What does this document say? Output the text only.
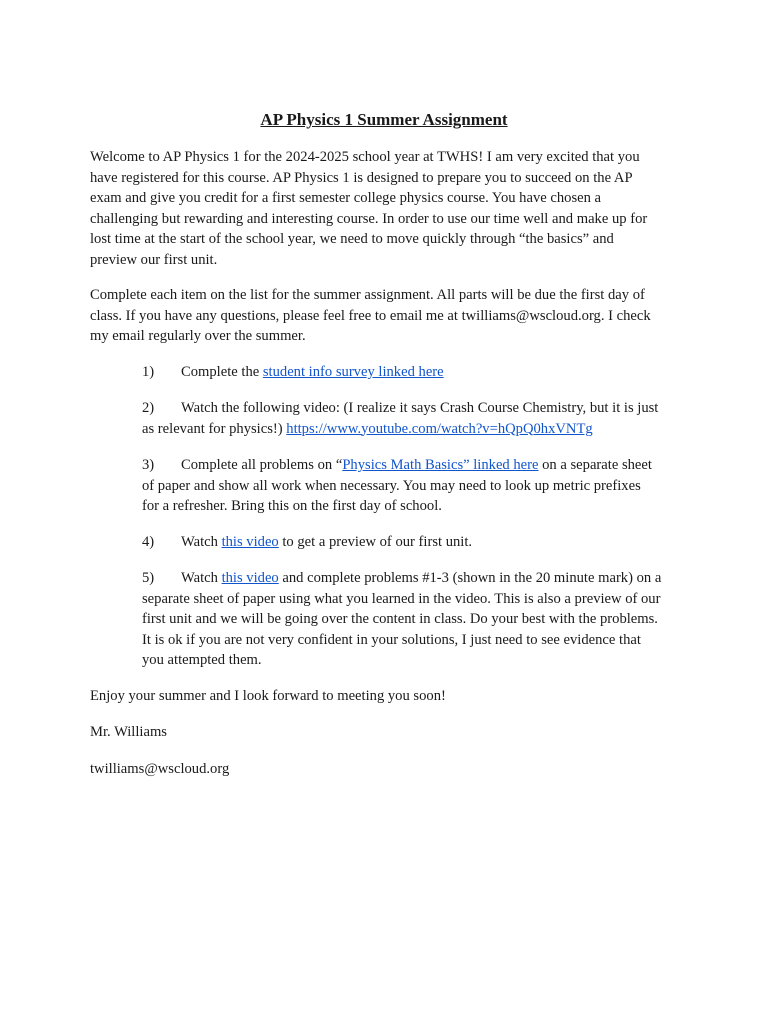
AP Physics 1 Summer Assignment
Welcome to AP Physics 1 for the 2024-2025 school year at TWHS! I am very excited that you
have registered for this course. AP Physics 1 is designed to prepare you to succeed on the AP
exam and give you credit for a first semester college physics course. You have chosen a
challenging but rewarding and interesting course. In order to use our time well and make up for
lost time at the start of the school year, we need to move quickly through “the basics” and
preview our first unit.
Complete each item on the list for the summer assignment. All parts will be due the first day of
class. If you have any questions, please feel free to email me at twilliams@wscloud.org. I check
my email regularly over the summer.
1) Complete the student info survey linked here
2) Watch the following video: (I realize it says Crash Course Chemistry, but it is just
as relevant for physics!) https://www.youtube.com/watch?v=hQpQ0hxVNTg
3) Complete all problems on “Physics Math Basics” linked here on a separate sheet
of paper and show all work when necessary. You may need to look up metric prefixes
for a refresher. Bring this on the first day of school.
4) Watch this video to get a preview of our first unit.
5) Watch this video and complete problems #1-3 (shown in the 20 minute mark) on a
separate sheet of paper using what you learned in the video. This is also a preview of our
first unit and we will be going over the content in class. Do your best with the problems.
It is ok if you are not very confident in your solutions, I just need to see evidence that
you attempted them.
Enjoy your summer and I look forward to meeting you soon!
Mr. Williams
twilliams@wscloud.org
